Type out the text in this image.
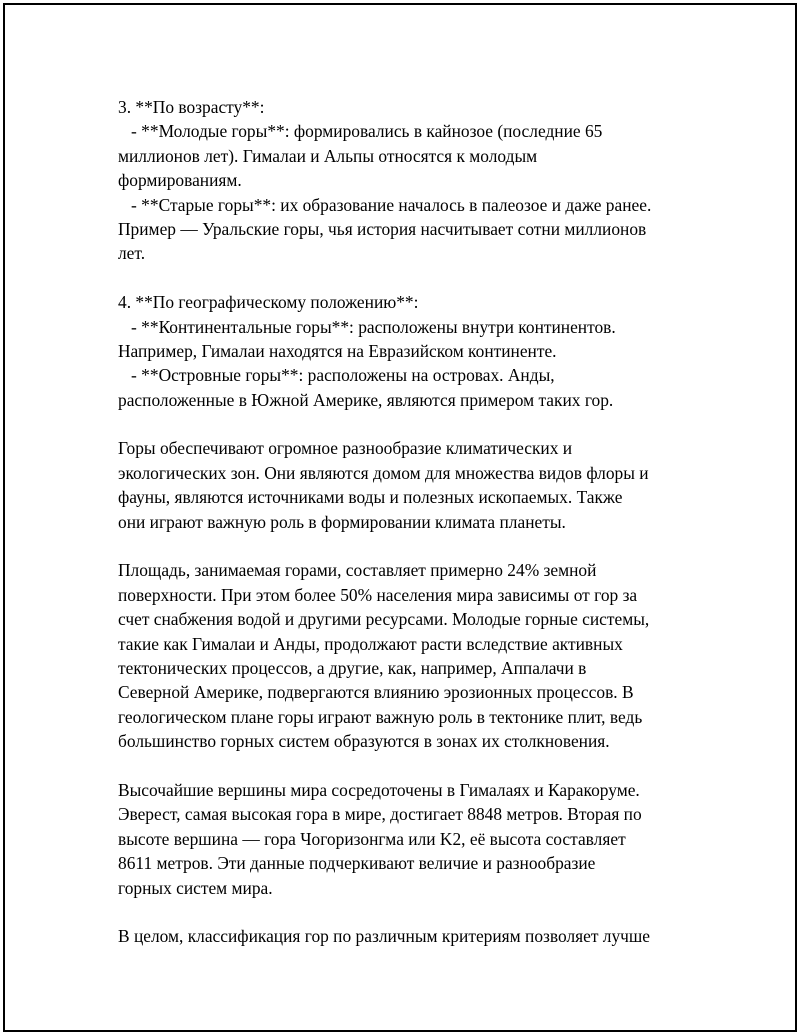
3. **По возрасту**:
- **Молодые горы**: формировались в кайнозое (последние 65
миллионов лет). Гималаи и Альпы относятся к молодым
формированиям.
- **Старые горы**: их образование началось в палеозое и даже ранее.
Пример — Уральские горы, чья история насчитывает сотни миллионов
лет.
4. **По географическому положению**:
- **Континентальные горы**: расположены внутри континентов.
Например, Гималаи находятся на Евразийском континенте.
- **Островные горы**: расположены на островах. Анды,
расположенные в Южной Америке, являются примером таких гор.
Горы обеспечивают огромное разнообразие климатических и
экологических зон. Они являются домом для множества видов флоры и
фауны, являются источниками воды и полезных ископаемых. Также
они играют важную роль в формировании климата планеты.
Площадь, занимаемая горами, составляет примерно 24% земной
поверхности. При этом более 50% населения мира зависимы от гор за
счет снабжения водой и другими ресурсами. Молодые горные системы,
такие как Гималаи и Анды, продолжают расти вследствие активных
тектонических процессов, а другие, как, например, Аппалачи в
Северной Америке, подвергаются влиянию эрозионных процессов. В
геологическом плане горы играют важную роль в тектонике плит, ведь
большинство горных систем образуются в зонах их столкновения.
Высочайшие вершины мира сосредоточены в Гималаях и Каракоруме.
Эверест, самая высокая гора в мире, достигает 8848 метров. Вторая по
высоте вершина — гора Чогоризонгма или K2, её высота составляет
8611 метров. Эти данные подчеркивают величие и разнообразие
горных систем мира.
В целом, классификация гор по различным критериям позволяет лучше
